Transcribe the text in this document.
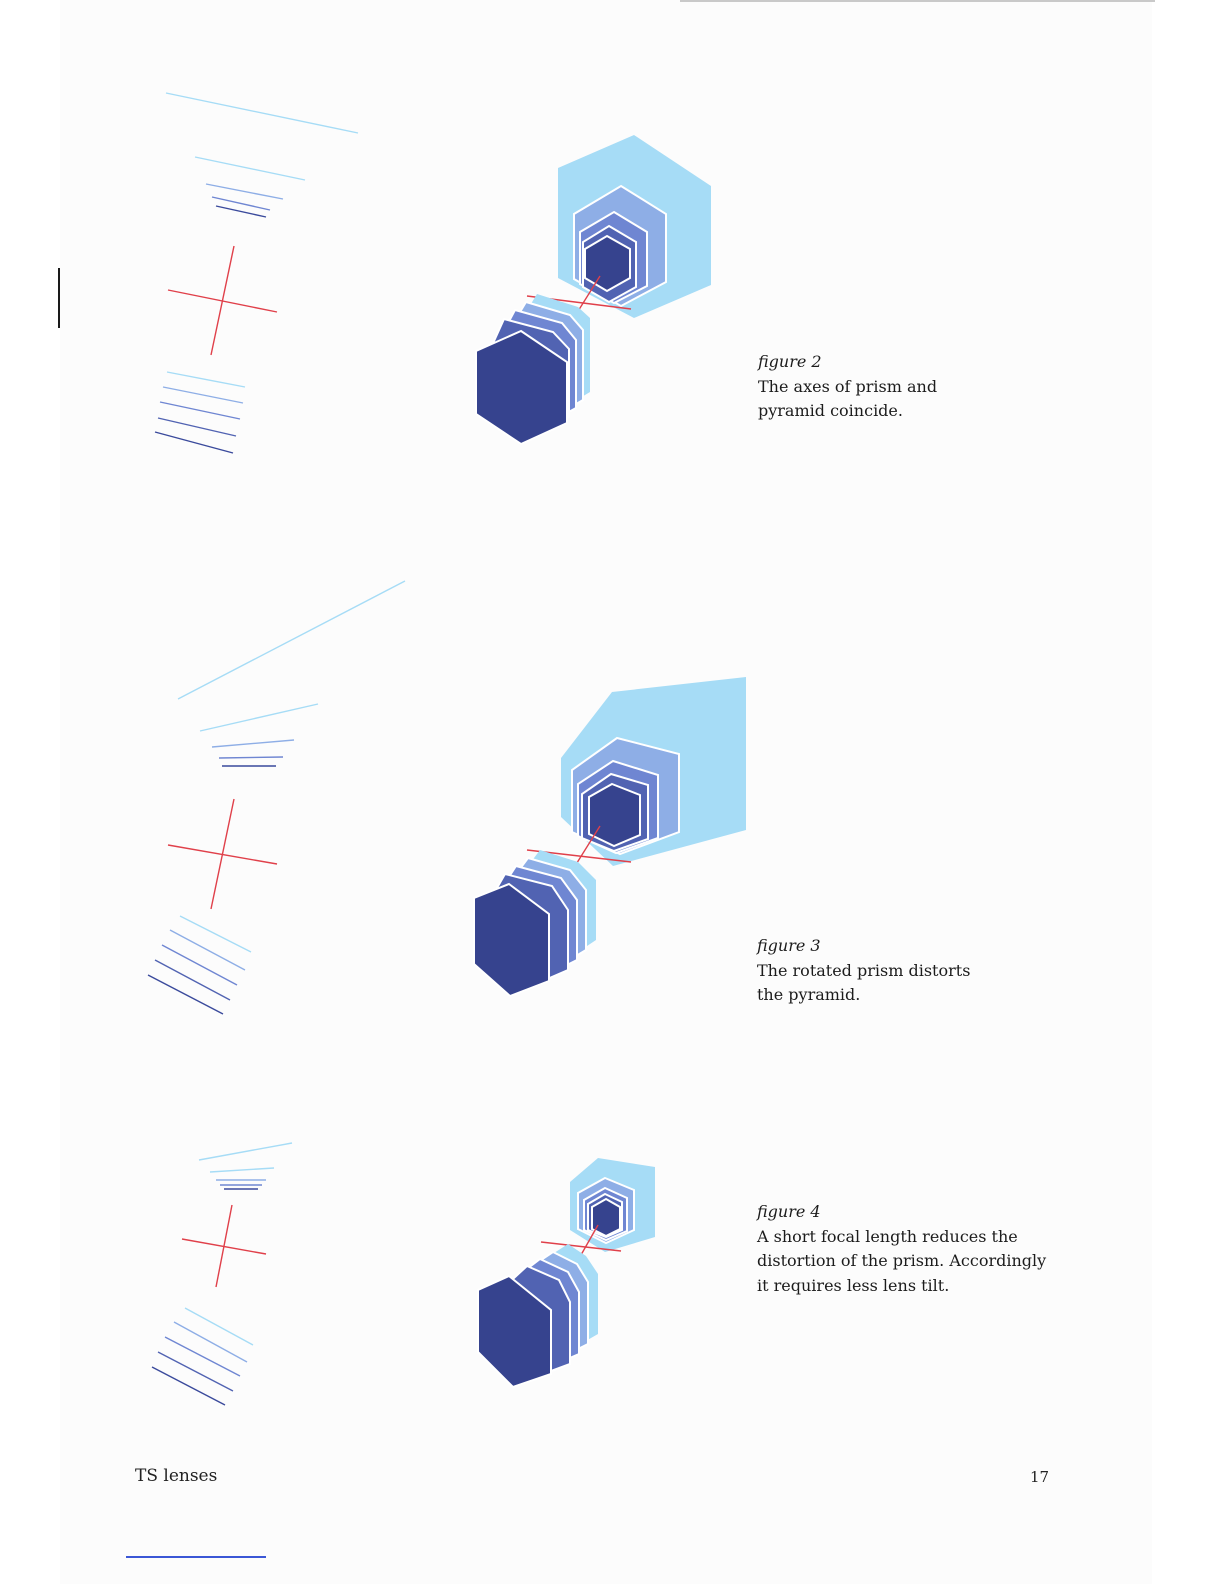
figure 2
The axes of prism and pyramid coincide.
figure 3
The rotated prism distorts the pyramid.
figure 4
A short focal length reduces the distortion of the prism. Accordingly it requires less lens tilt.
TS lenses	17
